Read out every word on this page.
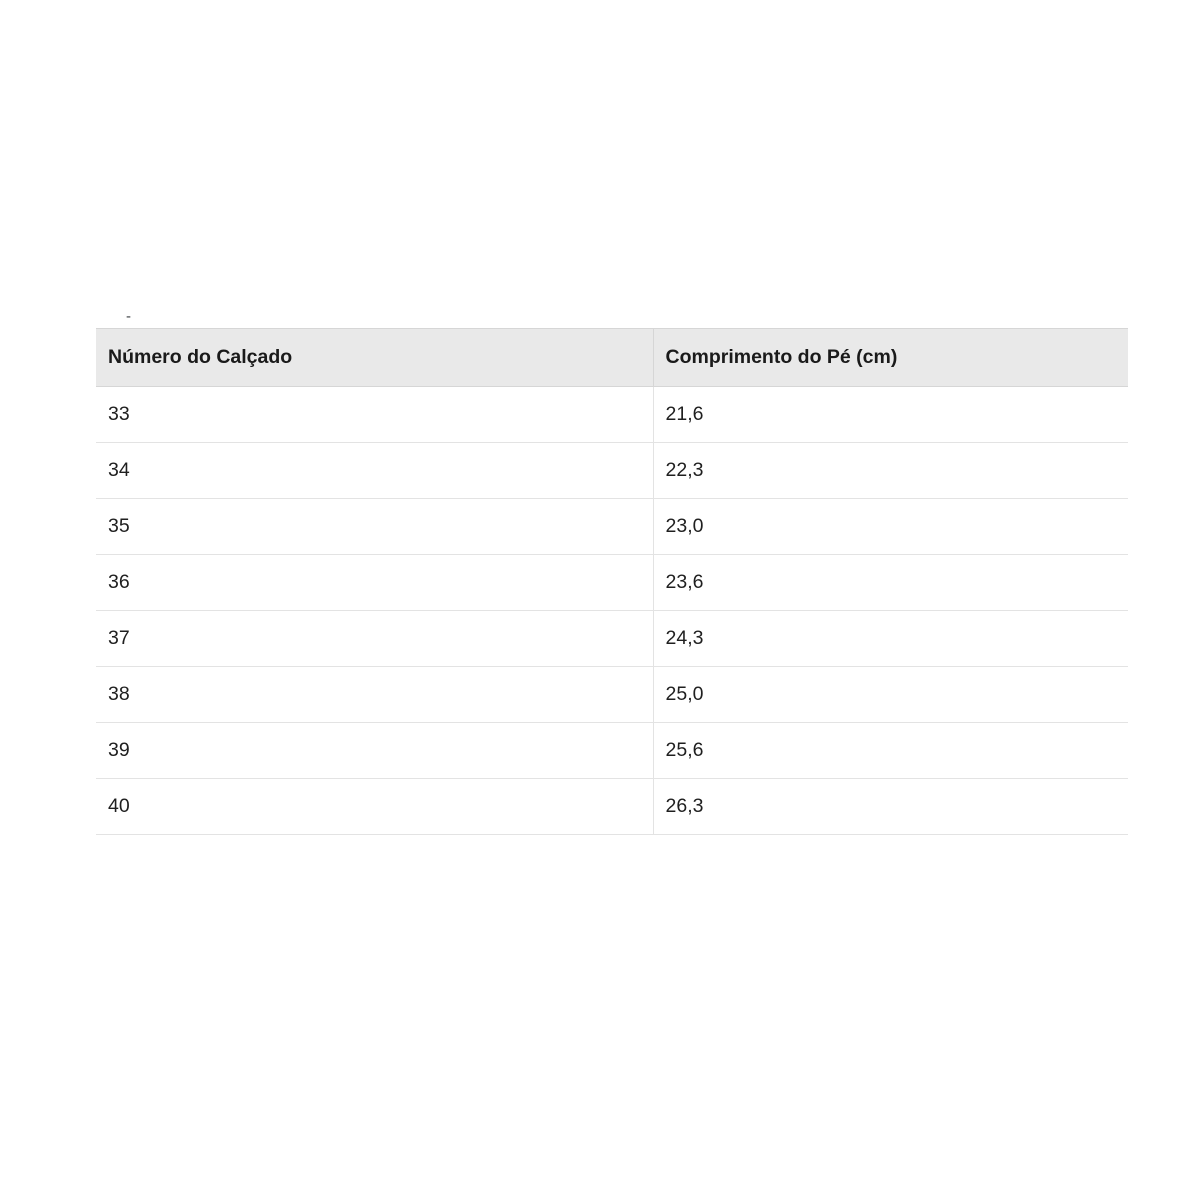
-
Número do Calçado	Comprimento do Pé (cm)
33	21,6
34	22,3
35	23,0
36	23,6
37	24,3
38	25,0
39	25,6
40	26,3
